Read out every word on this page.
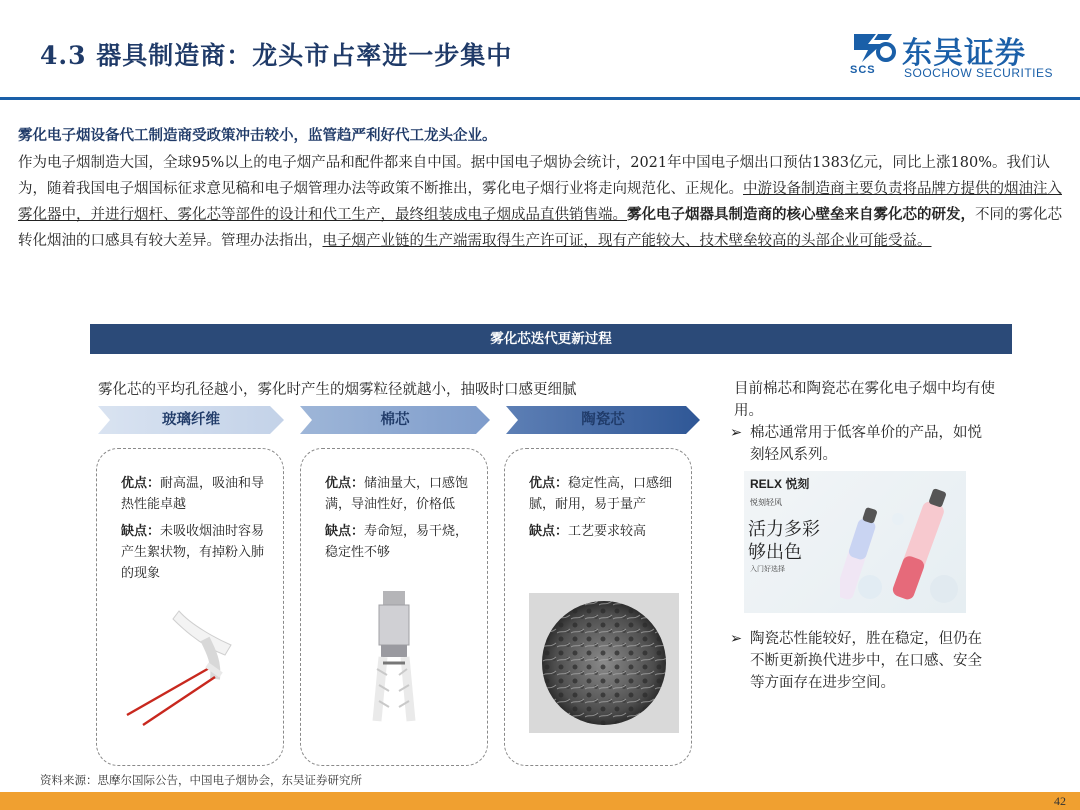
4.3 器具制造商：龙头市占率进一步集中	SCS 东吴证券
SOOCHOW SECURITIES
雾化电子烟设备代工制造商受政策冲击较小，监管趋严利好代工龙头企业。
作为电子烟制造大国，全球95%以上的电子烟产品和配件都来自中国。据中国电子烟协会统计，2021年中国电子烟出口预估1383亿元，同比上涨180%。我们认为，随着我国电子烟国标征求意见稿和电子烟管理办法等政策不断推出，雾化电子烟行业将走向规范化、正规化。中游设备制造商主要负责将品牌方提供的烟油注入雾化器中，并进行烟杆、雾化芯等部件的设计和代工生产，最终组装成电子烟成品直供销售端。雾化电子烟器具制造商的核心壁垒来自雾化芯的研发，不同的雾化芯转化烟油的口感具有较大差异。管理办法指出，电子烟产业链的生产端需取得生产许可证，现有产能较大、技术壁垒较高的头部企业可能受益。
雾化芯迭代更新过程
雾化芯的平均孔径越小，雾化时产生的烟雾粒径就越小，抽吸时口感更细腻
玻璃纤维	棉芯	陶瓷芯

优点：耐高温，吸油和导热性能卓越

缺点：未吸收烟油时容易产生絮状物，有掉粉入肺的现象

优点：储油量大，口感饱满，导油性好，价格低

缺点：寿命短，易干烧，稳定性不够

优点：稳定性高，口感细腻，耐用，易于量产

缺点：工艺要求较高

目前棉芯和陶瓷芯在雾化电子烟中均有使用。
➢ 棉芯通常用于低客单价的产品，如悦刻轻风系列。
RELX 悦刻
悦刻轻风
活力多彩
够出色
入门好选择
➢ 陶瓷芯性能较好，胜在稳定，但仍在不断更新换代进步中，在口感、安全等方面存在进步空间。
资料来源：思摩尔国际公告，中国电子烟协会，东吴证券研究所
42
